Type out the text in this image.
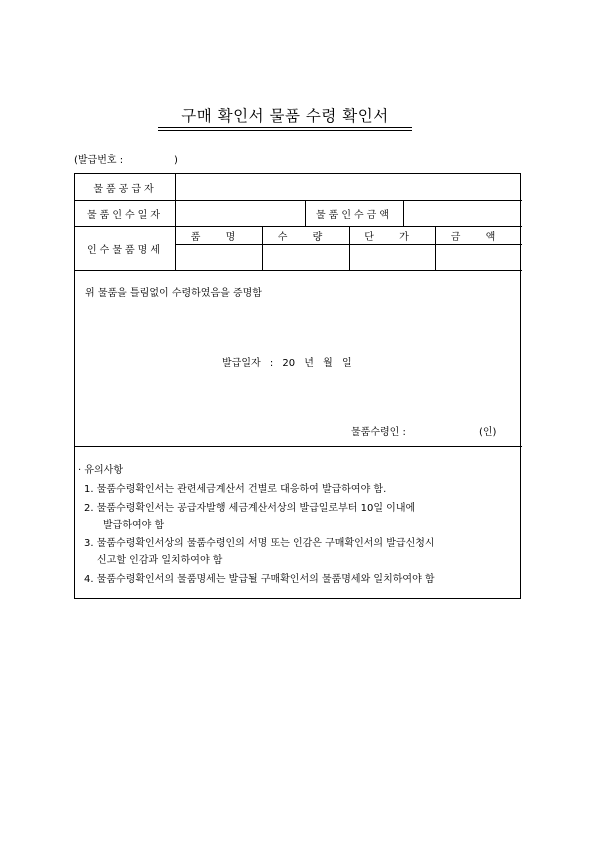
구매 확인서 물품 수령 확인서
(발급번호 :	)
물품공급자
물품인수일자	물품인수금액
인수물품명세
품 명	수 량	단 가	금 액
위 물품을 틀림없이 수령하였음을 증명함
발급일자 : 20 년 월 일
물품수령인 :	(인)
· 유의사항
1. 물품수령확인서는 관련세금계산서 건별로 대응하여 발급하여야 함.
2. 물품수령확인서는 공급자발행 세금계산서상의 발급일로부터 10일 이내에
발급하여야 함
3. 물품수령확인서상의 물품수령인의 서명 또는 인감은 구매확인서의 발급신청시
신고할 인감과 일치하여야 함
4. 물품수령확인서의 물품명세는 발급될 구매확인서의 물품명세와 일치하여야 함
